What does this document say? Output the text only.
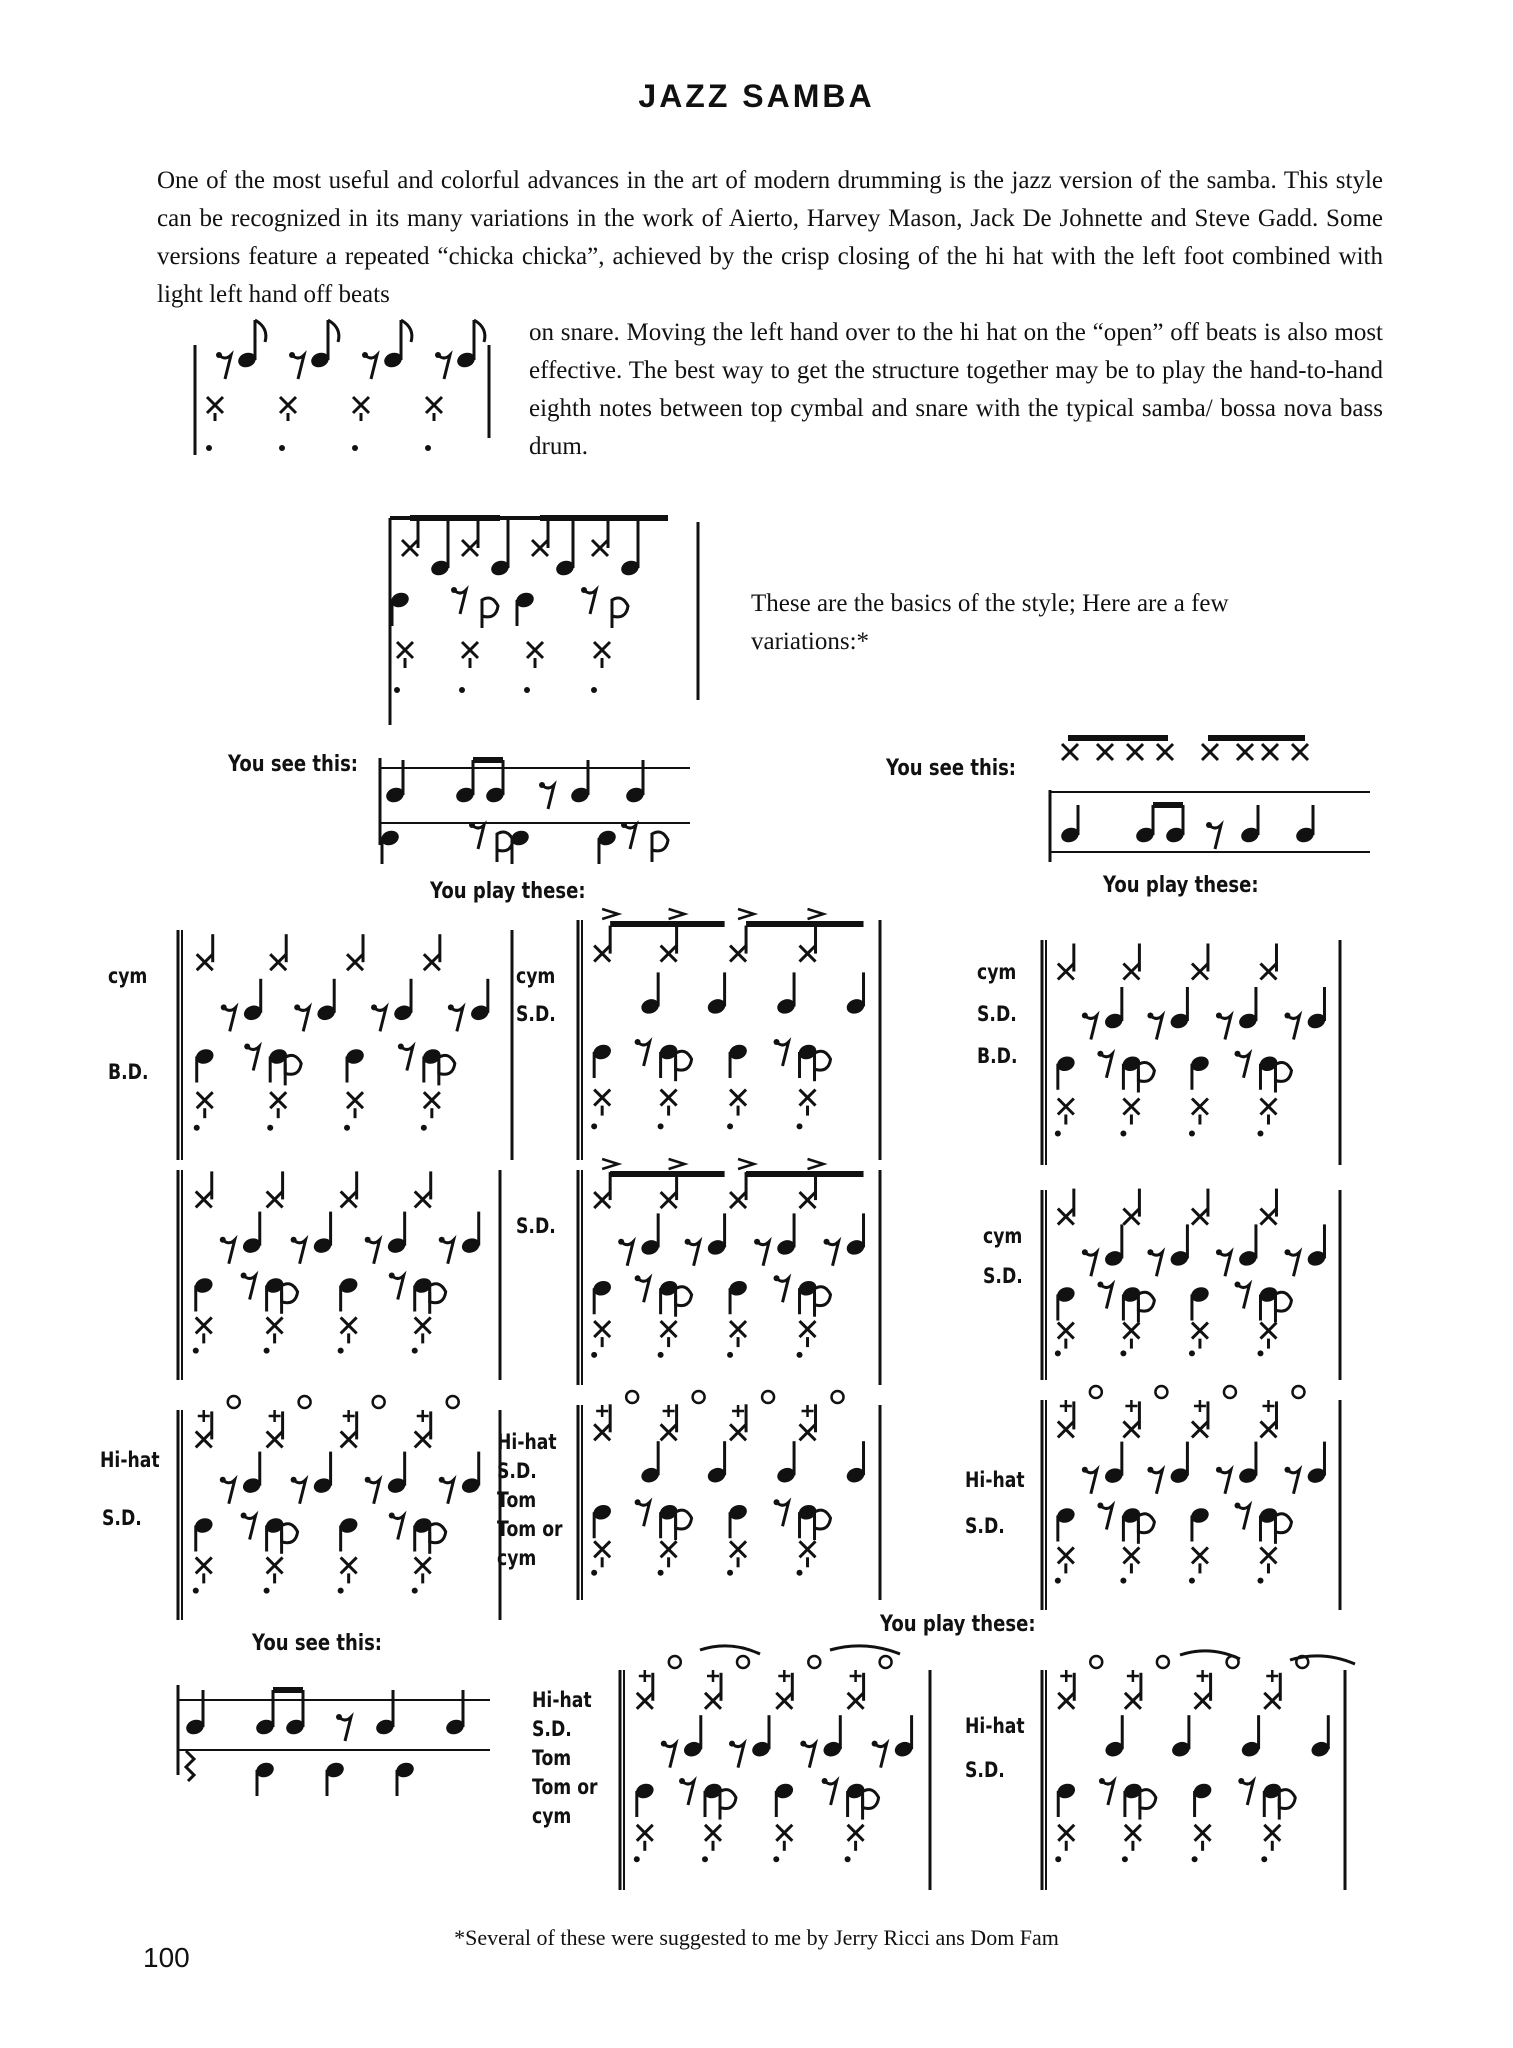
JAZZ SAMBA
One of the most useful and colorful advances in the art of modern drumming is the jazz version of the samba. This style can be recognized in its many variations in the work of Aierto, Harvey Mason, Jack De Johnette and Steve Gadd. Some versions feature a repeated “chicka chicka”, achieved by the crisp closing of the hi hat with the left foot combined with light left hand off beats
on snare. Moving the left hand over to the hi hat on the “open” off beats is also most effective. The best way to get the structure together may be to play the hand-to-hand eighth notes between top cymbal and snare with the typical samba/ bossa nova bass drum.
These are the basics of the style; Here are a few variations:*
You see this:	You see this:
You play these:	You play these:
You see this:
You play these:
cym
B.D.
cym
S.D.
cym
S.D.
B.D.
S.D.	cym
S.D.
Hi-hat
S.D.
Hi-hat
S.D.
Tom
Tom or
cym
Hi-hat
S.D.
Hi-hat
S.D.
Tom
Tom or
cym
Hi-hat
S.D.
*Several of these were suggested to me by Jerry Ricci ans Dom Fam
100
